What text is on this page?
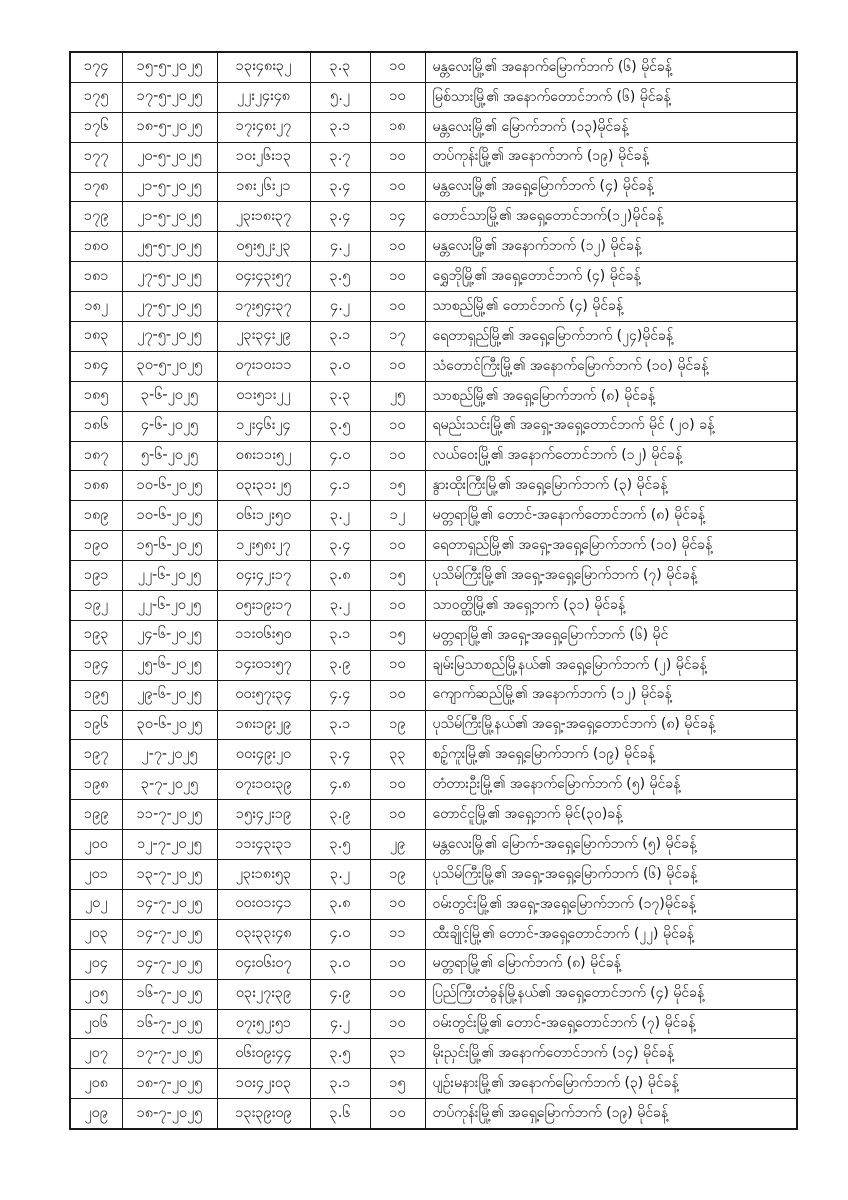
၁၇၄	၁၅-၅-၂၀၂၅	၁၃း၄၈း၃၂	၃.၃	၁၀	မန္တလေးမြို့၏ အနောက်မြောက်ဘက် (၆) မိုင်ခန့်
၁၇၅	၁၇-၅-၂၀၂၅	၂၂း၂၄း၄၈	၅.၂	၁၀	မြစ်သားမြို့၏ အနောက်တောင်ဘက် (၆) မိုင်ခန့်
၁၇၆	၁၈-၅-၂၀၂၅	၁၇း၄၈း၂၇	၃.၁	၁၈	မန္တလေးမြို့၏ မြောက်ဘက် (၁၃)မိုင်ခန့်
၁၇၇	၂၀-၅-၂၀၂၅	၁၀း၂၆း၁၃	၃.၇	၁၀	တပ်ကုန်းမြို့၏ အနောက်ဘက် (၁၉) မိုင်ခန့်
၁၇၈	၂၁-၅-၂၀၂၅	၁၈း၂၆း၂၁	၃.၄	၁၀	မန္တလေးမြို့၏ အရှေ့မြောက်ဘက် (၄) မိုင်ခန့်
၁၇၉	၂၁-၅-၂၀၂၅	၂၃း၁၈း၃၇	၃.၄	၁၄	တောင်သာမြို့၏ အရှေ့တောင်ဘက်(၁၂)မိုင်ခန့်
၁၈၀	၂၅-၅-၂၀၂၅	၀၅း၅၂း၂၃	၄.၂	၁၀	မန္တလေးမြို့၏ အနောက်ဘက် (၁၂) မိုင်ခန့်
၁၈၁	၂၇-၅-၂၀၂၅	၀၄း၄၃း၅၇	၃.၅	၁၀	ရွှေဘိုမြို့၏ အရှေ့တောင်ဘက် (၄) မိုင်ခန့်
၁၈၂	၂၇-၅-၂၀၂၅	၁၇း၅၄း၃၇	၄.၂	၁၀	သာစည်မြို့၏ တောင်ဘက် (၄) မိုင်ခန့်
၁၈၃	၂၇-၅-၂၀၂၅	၂၃း၃၄း၂၉	၃.၁	၁၇	ရေတာရှည်မြို့၏ အရှေ့မြောက်ဘက် (၂၄)မိုင်ခန့်
၁၈၄	၃၀-၅-၂၀၂၅	၀၇း၁၀း၁၁	၃.၀	၁၀	သံတောင်ကြီးမြို့၏ အနောက်မြောက်ဘက် (၁၀) မိုင်ခန့်
၁၈၅	၃-၆-၂၀၂၅	၀၁း၅၁း၂၂	၃.၃	၂၅	သာစည်မြို့၏ အရှေ့မြောက်ဘက် (၈) မိုင်ခန့်
၁၈၆	၄-၆-၂၀၂၅	၁၂း၄၆း၂၄	၃.၅	၁၀	ရမည်းသင်းမြို့၏ အရှေ့-အရှေ့တောင်ဘက် မိုင် (၂၀) ခန့်
၁၈၇	၅-၆-၂၀၂၅	၀၈း၁၁း၅၂	၄.၀	၁၀	လယ်ဝေးမြို့၏ အနောက်တောင်ဘက် (၁၂) မိုင်ခန့်
၁၈၈	၁၀-၆-၂၀၂၅	၀၃း၃၁း၂၅	၄.၁	၁၅	နွားထိုးကြီးမြို့၏ အရှေ့မြောက်ဘက် (၃) မိုင်ခန့်
၁၈၉	၁၀-၆-၂၀၂၅	၀၆း၁၂း၅၀	၃.၂	၁၂	မတ္တရာမြို့၏ တောင်-အနောက်တောင်ဘက် (၈) မိုင်ခန့်
၁၉၀	၁၅-၆-၂၀၂၅	၁၂း၅၈း၂၇	၃.၄	၁၀	ရေတာရှည်မြို့၏ အရှေ့-အရှေ့မြောက်ဘက် (၁၀) မိုင်ခန့်
၁၉၁	၂၂-၆-၂၀၂၅	၀၄း၄၂း၁၇	၃.၈	၁၅	ပုသိမ်ကြီးမြို့၏ အရှေ့-အရှေ့မြောက်ဘက် (၇) မိုင်ခန့်
၁၉၂	၂၂-၆-၂၀၂၅	၀၅း၁၉း၁၇	၃.၂	၁၀	သာဝတ္ထိမြို့၏ အရှေ့ဘက် (၃၁) မိုင်ခန့်
၁၉၃	၂၄-၆-၂၀၂၅	၁၁း၀၆း၅၀	၃.၁	၁၅	မတ္တရာမြို့၏ အရှေ့-အရှေ့မြောက်ဘက် (၆) မိုင်
၁၉၄	၂၅-၆-၂၀၂၅	၁၄း၀၁း၅၇	၃.၉	၁၀	ချမ်းမြသာစည်မြို့နယ်၏ အရှေ့မြောက်ဘက် (၂) မိုင်ခန့်
၁၉၅	၂၉-၆-၂၀၂၅	၀၀း၅၇း၃၄	၄.၄	၁၀	ကျောက်ဆည်မြို့၏ အနောက်ဘက် (၁၂) မိုင်ခန့်
၁၉၆	၃၀-၆-၂၀၂၅	၁၈း၁၉း၂၉	၃.၁	၁၉	ပုသိမ်ကြီးမြို့နယ်၏ အရှေ့-အရှေ့တောင်ဘက် (၈) မိုင်ခန့်
၁၉၇	၂-၇-၂၀၂၅	၀၀း၄၉း၂၀	၃.၄	၃၃	စဥ့်ကူးမြို့၏ အရှေ့မြောက်ဘက် (၁၉) မိုင်ခန့်
၁၉၈	၃-၇-၂၀၂၅	၀၇း၁၀း၃၉	၄.၈	၁၀	တံတားဦးမြို့၏ အနောက်မြောက်ဘက် (၅) မိုင်ခန့်
၁၉၉	၁၁-၇-၂၀၂၅	၁၅း၄၂း၁၉	၃.၉	၁၀	တောင်ငူမြို့၏ အရှေ့ဘက် မိုင်(၃၀)ခန့်
၂၀၀	၁၂-၇-၂၀၂၅	၁၁း၄၃း၃၁	၃.၅	၂၉	မန္တလေးမြို့၏ မြောက်-အရှေ့မြောက်ဘက် (၅) မိုင်ခန့်
၂၀၁	၁၃-၇-၂၀၂၅	၂၃း၁၈း၅၃	၃.၂	၁၉	ပုသိမ်ကြီးမြို့၏ အရှေ့-အရှေ့မြောက်ဘက် (၆) မိုင်ခန့်
၂၀၂	၁၄-၇-၂၀၂၅	၀၀း၀၁း၄၁	၃.၈	၁၀	ဝမ်းတွင်းမြို့၏ အရှေ့-အရှေ့မြောက်ဘက် (၁၇)မိုင်ခန့်
၂၀၃	၁၄-၇-၂၀၂၅	၀၃း၃၃း၄၈	၄.၀	၁၁	ထီးချိုင့်မြို့၏ တောင်-အရှေ့တောင်ဘက် (၂၂) မိုင်ခန့်
၂၀၄	၁၄-၇-၂၀၂၅	၀၄း၀၆း၀၇	၃.၀	၁၀	မတ္တရာမြို့၏ မြောက်ဘက် (၈) မိုင်ခန့်
၂၀၅	၁၆-၇-၂၀၂၅	၀၃း၂၇း၃၉	၄.၉	၁၀	ပြည်ကြီးတံခွန်မြို့နယ်၏ အရှေ့တောင်ဘက် (၄) မိုင်ခန့်
၂၀၆	၁၆-၇-၂၀၂၅	၀၇း၅၂း၅၁	၄.၂	၁၀	ဝမ်းတွင်းမြို့၏ တောင်-အရှေ့တောင်ဘက် (၇) မိုင်ခန့်
၂၀၇	၁၇-၇-၂၀၂၅	၀၆း၀၉း၄၄	၃.၅	၃၁	မိုးညှင်းမြို့၏ အနောက်တောင်ဘက် (၁၄) မိုင်ခန့်
၂၀၈	၁၈-၇-၂၀၂၅	၁၀း၄၂း၀၃	၃.၁	၁၅	ပျဥ်းမနားမြို့၏ အနောက်မြောက်ဘက် (၃) မိုင်ခန့်
၂၀၉	၁၈-၇-၂၀၂၅	၁၃း၃၉း၀၉	၃.၆	၁၀	တပ်ကုန်းမြို့၏ အရှေ့မြောက်ဘက် (၁၉) မိုင်ခန့်
